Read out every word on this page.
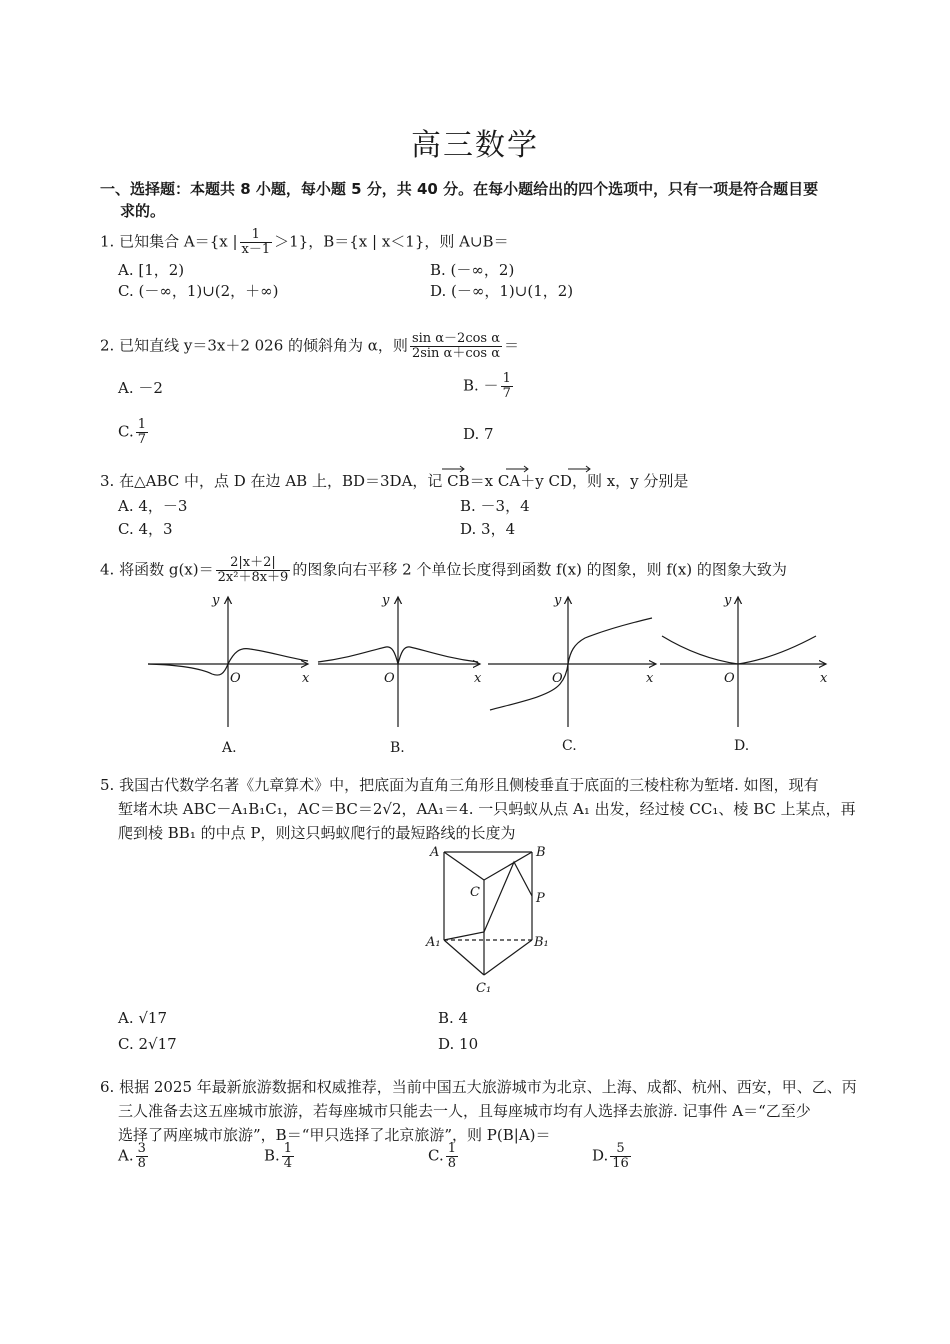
高三数学
一、选择题：本题共 8 小题，每小题 5 分，共 40 分。在每小题给出的四个选项中，只有一项是符合题目要
求的。
1. 已知集合 A＝{x | $\frac{1}{x-1} >1$}，B＝{x | x＜1}，则 A∪B＝
A. [1，2)	B. (－∞，2)
C. (－∞，1)∪(2，＋∞)	D. (－∞，1)∪(1，2)
2. 已知直线 y＝3x＋2 026 的倾斜角为 α，则 $\frac{\text{sin α－2cos α}}{\text{2sin α＋cos α}}$ ＝
A. －2	B. － $\frac{1}{7}$
C. $\frac{1}{7}$	D. 7
3. 在△ABC 中，点 D 在边 AB 上，BD＝3DA，记 CB＝x CA＋y CD，则 x，y 分别是
A. 4，－3	B. －3，4
C. 4，3	D. 3，4
4. 将函数 $g(x)= \frac{2|x+2|}{\text{2x²＋8x＋9}}$ 的图象向右平移 2 个单位长度得到函数 f(x) 的图象，则 f(x) 的图象大致为
y
x
O
y
x
O
y
x
O
y
x
O
A.	B.	C.	D.
5. 我国古代数学名著《九章算术》中，把底面为直角三角形且侧棱垂直于底面的三棱柱称为堑堵. 如图，现有
堑堵木块 ABC－A₁B₁C₁，AC＝BC＝2√2，AA₁＝4. 一只蚂蚁从点 A₁ 出发，经过棱 CC₁、棱 BC 上某点，再
爬到棱 BB₁ 的中点 P，则这只蚂蚁爬行的最短路线的长度为
A	B
C	P
A₁	B₁
C₁
A. √17	B. 4
C. 2√17	D. 10
6. 根据 2025 年最新旅游数据和权威推荐，当前中国五大旅游城市为北京、上海、成都、杭州、西安，甲、乙、丙
三人准备去这五座城市旅游，若每座城市只能去一人，且每座城市均有人选择去旅游. 记事件 A＝“乙至少
选择了两座城市旅游”，B＝“甲只选择了北京旅游”，则 P(B|A)＝
A. $\frac{3}{8}$	B. $\frac{1}{4}$	C. $\frac{1}{8}$	D. $\frac{5}{16}$
